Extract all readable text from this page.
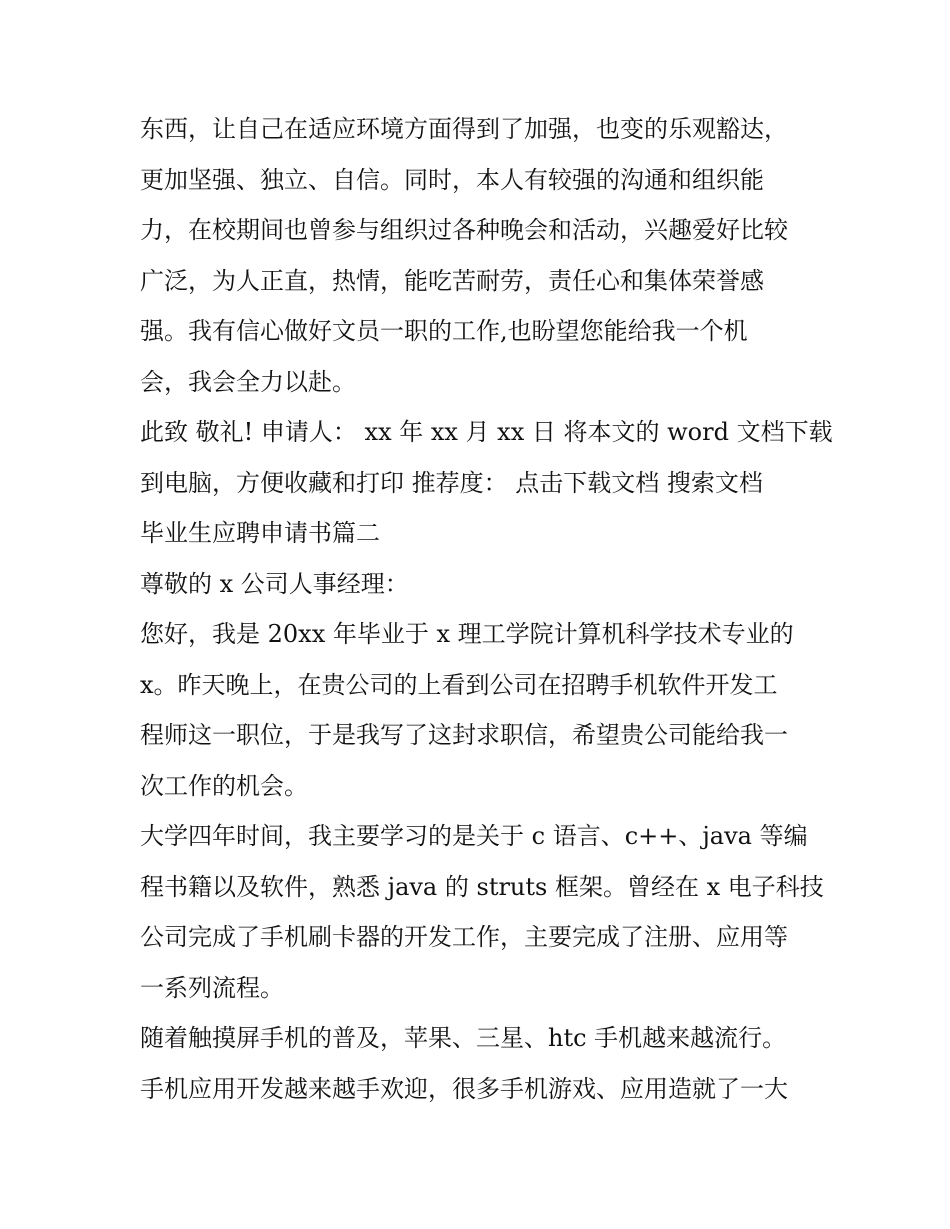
东西，让自己在适应环境方面得到了加强，也变的乐观豁达，
更加坚强、独立、自信。同时，本人有较强的沟通和组织能
力，在校期间也曾参与组织过各种晚会和活动，兴趣爱好比较
广泛，为人正直，热情，能吃苦耐劳，责任心和集体荣誉感
强。我有信心做好文员一职的工作,也盼望您能给我一个机
会，我会全力以赴。
此致 敬礼! 申请人： xx 年 xx 月 xx 日 将本文的 word 文档下载
到电脑，方便收藏和打印 推荐度： 点击下载文档 搜索文档
毕业生应聘申请书篇二
尊敬的 x 公司人事经理：
您好，我是 20xx 年毕业于 x 理工学院计算机科学技术专业的
x。昨天晚上，在贵公司的上看到公司在招聘手机软件开发工
程师这一职位，于是我写了这封求职信，希望贵公司能给我一
次工作的机会。
大学四年时间，我主要学习的是关于 c 语言、c++、java 等编
程书籍以及软件，熟悉 java 的 struts 框架。曾经在 x 电子科技
公司完成了手机刷卡器的开发工作，主要完成了注册、应用等
一系列流程。
随着触摸屏手机的普及，苹果、三星、htc 手机越来越流行。
手机应用开发越来越手欢迎，很多手机游戏、应用造就了一大
